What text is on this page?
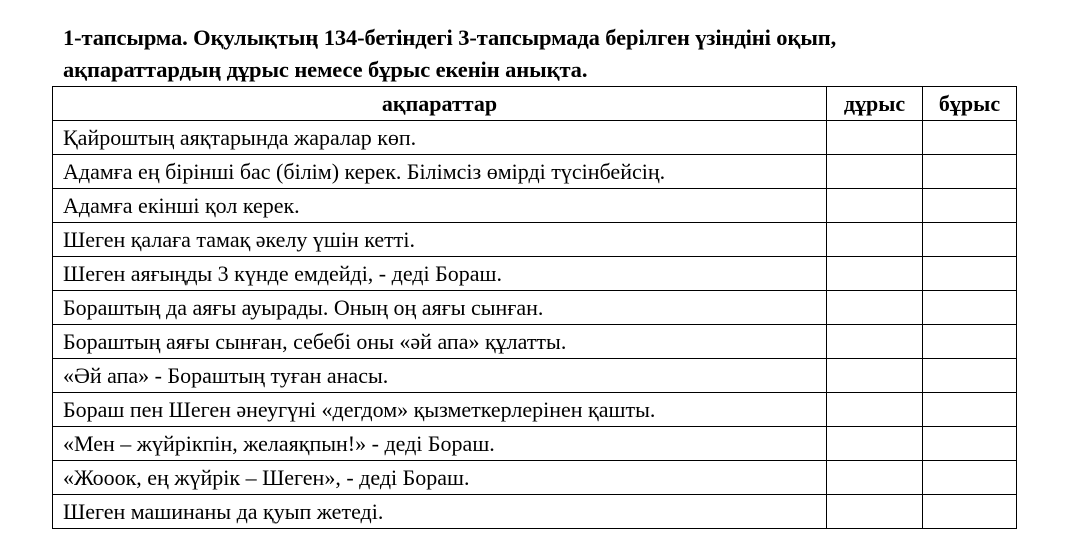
1-тапсырма. Оқулықтың 134-бетіндегі 3-тапсырмада берілген үзіндіні оқып,
ақпараттардың дұрыс немесе бұрыс екенін анықта.
ақпараттар	дұрыс	бұрыс
Қайроштың аяқтарында жаралар көп.		
Адамға ең бірінші бас (білім) керек. Білімсіз өмірді түсінбейсің.		
Адамға екінші қол керек.		
Шеген қалаға тамақ әкелу үшін кетті.		
Шеген аяғыңды 3 күнде емдейді, - деді Бораш.		
Бораштың да аяғы ауырады. Оның оң аяғы сынған.		
Бораштың аяғы сынған, себебі оны «әй апа» құлатты.		
«Әй апа» - Бораштың туған анасы.		
Бораш пен Шеген әнеугүні «дегдом» қызметкерлерінен қашты.		
«Мен – жүйрікпін, желаяқпын!» - деді Бораш.		
«Жооок, ең жүйрік – Шеген», - деді Бораш.		
Шеген машинаны да қуып жетеді.		
